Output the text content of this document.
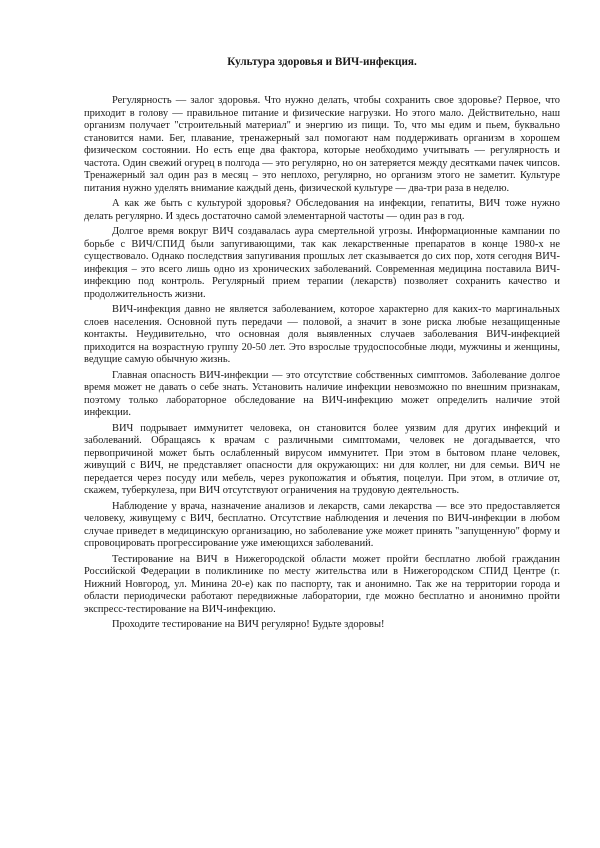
Культура здоровья и ВИЧ-инфекция.

Регулярность — залог здоровья. Что нужно делать, чтобы сохранить свое здоровье? Первое, что приходит в голову — правильное питание и физические нагрузки. Но этого мало. Действительно, наш организм получает "строительный материал" и энергию из пищи. То, что мы едим и пьем, буквально становится нами. Бег, плавание, тренажерный зал помогают нам поддерживать организм в хорошем физическом состоянии. Но есть еще два фактора, которые необходимо учитывать — регулярность и частота. Один свежий огурец в полгода — это регулярно, но он затеряется между десятками пачек чипсов. Тренажерный зал один раз в месяц – это неплохо, регулярно, но организм этого не заметит. Культуре питания нужно уделять внимание каждый день, физической культуре — два-три раза в неделю.

А как же быть с культурой здоровья? Обследования на инфекции, гепатиты, ВИЧ тоже нужно делать регулярно. И здесь достаточно самой элементарной частоты — один раз в год.

Долгое время вокруг ВИЧ создавалась аура смертельной угрозы. Информационные кампании по борьбе с ВИЧ/СПИД были запугивающими, так как лекарственные препаратов в конце 1980-х не существовало. Однако последствия запугивания прошлых лет сказывается до сих пор, хотя сегодня ВИЧ-инфекция – это всего лишь одно из хронических заболеваний. Современная медицина поставила ВИЧ-инфекцию под контроль. Регулярный прием терапии (лекарств) позволяет сохранить качество и продолжительность жизни.

ВИЧ-инфекция давно не является заболеванием, которое характерно для каких-то маргинальных слоев населения. Основной путь передачи — половой, а значит в зоне риска любые незащищенные контакты. Неудивительно, что основная доля выявленных случаев заболевания ВИЧ-инфекцией приходится на возрастную группу 20-50 лет. Это взрослые трудоспособные люди, мужчины и женщины, ведущие самую обычную жизнь.

Главная опасность ВИЧ-инфекции — это отсутствие собственных симптомов. Заболевание долгое время может не давать о себе знать. Установить наличие инфекции невозможно по внешним признакам, поэтому только лабораторное обследование на ВИЧ-инфекцию может определить наличие этой инфекции.

ВИЧ подрывает иммунитет человека, он становится более уязвим для других инфекций и заболеваний. Обращаясь к врачам с различными симптомами, человек не догадывается, что первопричиной может быть ослабленный вирусом иммунитет. При этом в бытовом плане человек, живущий с ВИЧ, не представляет опасности для окружающих: ни для коллег, ни для семьи. ВИЧ не передается через посуду или мебель, через рукопожатия и объятия, поцелуи. При этом, в отличие от, скажем, туберкулеза, при ВИЧ отсутствуют ограничения на трудовую деятельность.

Наблюдение у врача, назначение анализов и лекарств, сами лекарства — все это предоставляется человеку, живущему с ВИЧ, бесплатно. Отсутствие наблюдения и лечения по ВИЧ-инфекции в любом случае приведет в медицинскую организацию, но заболевание уже может принять "запущенную" форму и спровоцировать прогрессирование уже имеющихся заболеваний.

Тестирование на ВИЧ в Нижегородской области может пройти бесплатно любой гражданин Российской Федерации в поликлинике по месту жительства или в Нижегородском СПИД Центре (г. Нижний Новгород, ул. Минина 20-е) как по паспорту, так и анонимно. Так же на территории города и области периодически работают передвижные лаборатории, где можно бесплатно и анонимно пройти экспресс-тестирование на ВИЧ-инфекцию.

Проходите тестирование на ВИЧ регулярно! Будьте здоровы!
